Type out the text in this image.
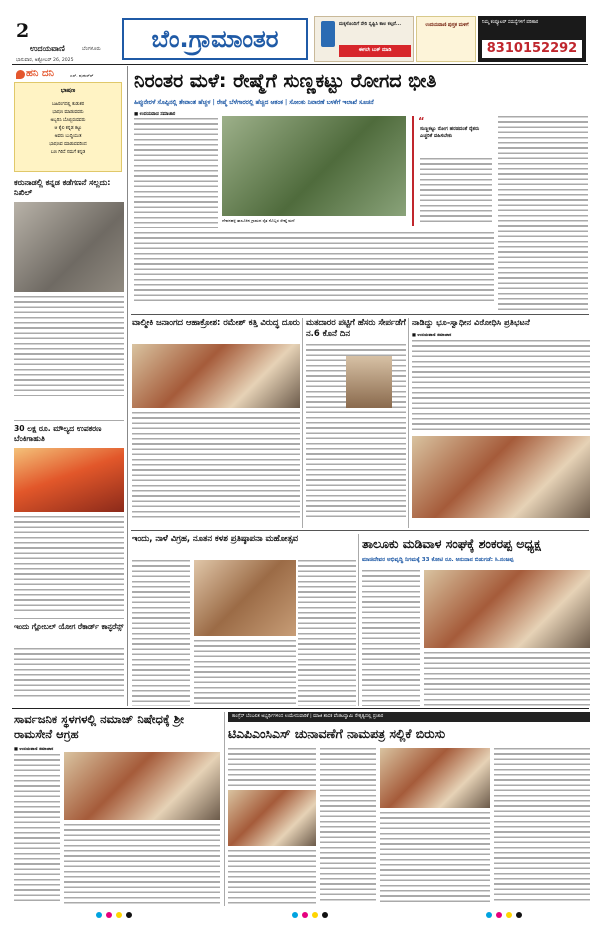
2
ಉದಯವಾಣಿ	ಬೆಂಗಳೂರು
ಭಾನುವಾರ, ಅಕ್ಟೋಬರ್ 26, 2025
ಬೆಂ.ಗ್ರಾಮಾಂತರ
ಮಕ್ಕಳೊಂದಿಗೆ ಸೇರಿ ಸೃಷ್ಟಿಸಿ ಕಾಲ ಕಲ್ಪನೆ...
ಈಗಲೇ ಬುಕ್ ಮಾಡಿ
ಉದಯವಾಣಿ ಪುಸ್ತಕ ಮಳಿಗೆ
ನಿಮ್ಮ ಕಂಪ್ಯೂಟರ್ ಸಮಸ್ಯೆಗಳಿಗೆ ಪರಿಹಾರ
8310152292
ಹನಿ ದನಿ	ಎಸ್. ಷುಕುರ್‌ರ್
ಭಾಷಣ
ಬಹಿರಂಗದಲ್ಲಿ ಕುಡುಕರ
ಭಾಷಣ ಮಾಡುವವರು
ಅಬ್ಬರಿಸಿ ಬೊಬ್ಬಿರುವವರು
ಆ ಕೈಲಿ ಕನ್ನಡ ಕಟ್ಟು
ಅವರು ಬುದ್ಧಿಯುತ
ಭಾಷಣವ ಮಾಡುವವರಿಂದ
ಬಣ ಗಿರಿಸೆ ನಮಗೆ ಕನ್ನಡ
ಕರುನಾಡಲ್ಲಿ ಕನ್ನಡ ಕಡೆಗಣನೆ ಸಲ್ಲದು: ನಿಖಿಲ್
30 ಲಕ್ಷ ರೂ. ಮೌಲ್ಯದ ಉಪಕರಣ ಬೆಂಕಿಗಾಹುತಿ
ಇಂದು ಗ್ಲೋಬಲ್ ಯೋಗ ರೆಕಾರ್ಡ್ ಕಾನ್ಫರೆನ್ಸ್
ನಿರಂತರ ಮಳೆ: ರೇಷ್ಮೆಗೆ ಸುಣ್ಣಕಟ್ಟು ರೋಗದ ಭೀತಿ
ಹಿಪ್ಪುನೇರಳೆ ಸೊಪ್ಪಿನಲ್ಲಿ ತೇವಾಂಶ ಹೆಚ್ಚಳ | ರೇಷ್ಮೆ ಬೆಳೆಗಾರರಲ್ಲಿ ಹೆಚ್ಚಿದ ಆತಂಕ | ಸೋಂಕು ನಿವಾರಣೆ ಬಳಕೆಗೆ ಇಲಾಖೆ ಸೂಚನೆ
■ ಉದಯವಾಣಿ ಸಮಾಚಾರ
ದೇವನಹಳ್ಳಿ ತಾಲೂಕಿನ ಗ್ರಾಮದ ರೈತ ನೊಬ್ಬರ ರೇಷ್ಮೆ ಮನೆ
“
ಸುಣ್ಣಕಟ್ಟು ರೋಗ ಹರಡದಂತೆ ರೈತರು ಎಚ್ಚರಿಕೆ ವಹಿಸಬೇಕು
ವಾಲ್ಮೀಕಿ ಜನಾಂಗದ ಆಹಾಕ್ರೋಶ: ರಮೇಶ್ ಕತ್ತಿ ವಿರುದ್ಧ ದೂರು ಮತದಾರರ ಪಟ್ಟಿಗೆ ಹೆಸರು ಸೇರ್ಪಡೆಗೆ ನ.6 ಕೊನೆ ದಿನ
ನಾಡಿದ್ದು ಭೂ-ಸ್ವಾಧೀನ ವಿರೋಧಿಸಿ ಪ್ರತಿಭಟನೆ
■ ಉದಯವಾಣಿ ಸಮಾಚಾರ
ಇಂದು, ನಾಳೆ ವಿಗ್ರಹ, ನೂತನ ಕಳಶ ಪ್ರತಿಷ್ಠಾಪನಾ ಮಹೋತ್ಸವ	ತಾಲೂಕು ಮಡಿವಾಳ ಸಂಘಕ್ಕೆ ಶಂಕರಪ್ಪ ಅಧ್ಯಕ್ಷ
ಮಾಚಿದೇವರ ಅಭಿವೃದ್ಧಿ ನಿಗಮಕ್ಕೆ 33 ಕೋಟಿ ರೂ. ಅನುದಾನ ಬಿಡುಗಡೆ: ಸಿ.ನಂಜಪ್ಪ
ಸಾರ್ವಜನಿಕ ಸ್ಥಳಗಳಲ್ಲಿ ನಮಾಜ್ ನಿಷೇಧಕ್ಕೆ ಶ್ರೀ ರಾಮಸೇನೆ ಆಗ್ರಹ
■ ಉದಯವಾಣಿ ಸಮಾಚಾರ
ಕಾಂಗ್ರೆಸ್ ಬೆಂಬಲಿತ ಅಭ್ಯರ್ಥಿಗಳಿಂದ ಉಮೇದುವಾರಿಕೆ | ಮಾಜಿ ಶಾಸಕ ವೆಂಕಟಸ್ವಾಮಿ ನೇತೃತ್ವದಲ್ಲಿ ಪ್ರಚಾರ
ಟಿಎಪಿಎಂಸಿಎಸ್ ಚುನಾವಣೆಗೆ ನಾಮಪತ್ರ ಸಲ್ಲಿಕೆ ಬಿರುಸು
